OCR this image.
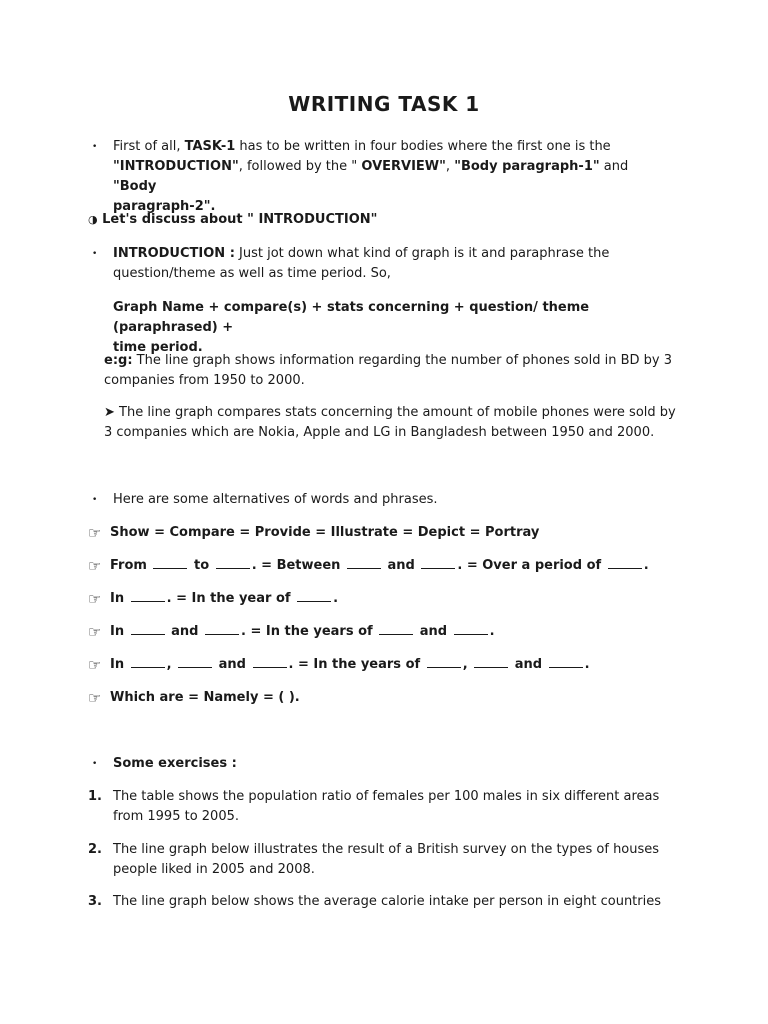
WRITING TASK 1
• First of all, TASK-1 has to be written in four bodies where the first one is the
"INTRODUCTION", followed by the " OVERVIEW", "Body paragraph-1" and "Body
paragraph-2".
◑ Let's discuss about " INTRODUCTION"
• INTRODUCTION : Just jot down what kind of graph is it and paraphrase the
question/theme as well as time period. So,
Graph Name + compare(s) + stats concerning + question/ theme (paraphrased) +
time period.
e:g: The line graph shows information regarding the number of phones sold in BD by 3
companies from 1950 to 2000.
➤ The line graph compares stats concerning the amount of mobile phones were sold by
3 companies which are Nokia, Apple and LG in Bangladesh between 1950 and 2000.
• Here are some alternatives of words and phrases.
☞ Show = Compare = Provide = Illustrate = Depict = Portray
☞ From	to	. = Between	and	. = Over a period of	.
☞ In	. = In the year of	.
☞ In	and	. = In the years of	and	.
☞ In	,	and	. = In the years of	,	and	.
☞ Which are = Namely = ( ).
• Some exercises :
1. The table shows the population ratio of females per 100 males in six different areas
from 1995 to 2005.
2. The line graph below illustrates the result of a British survey on the types of houses
people liked in 2005 and 2008.
3. The line graph below shows the average calorie intake per person in eight countries
